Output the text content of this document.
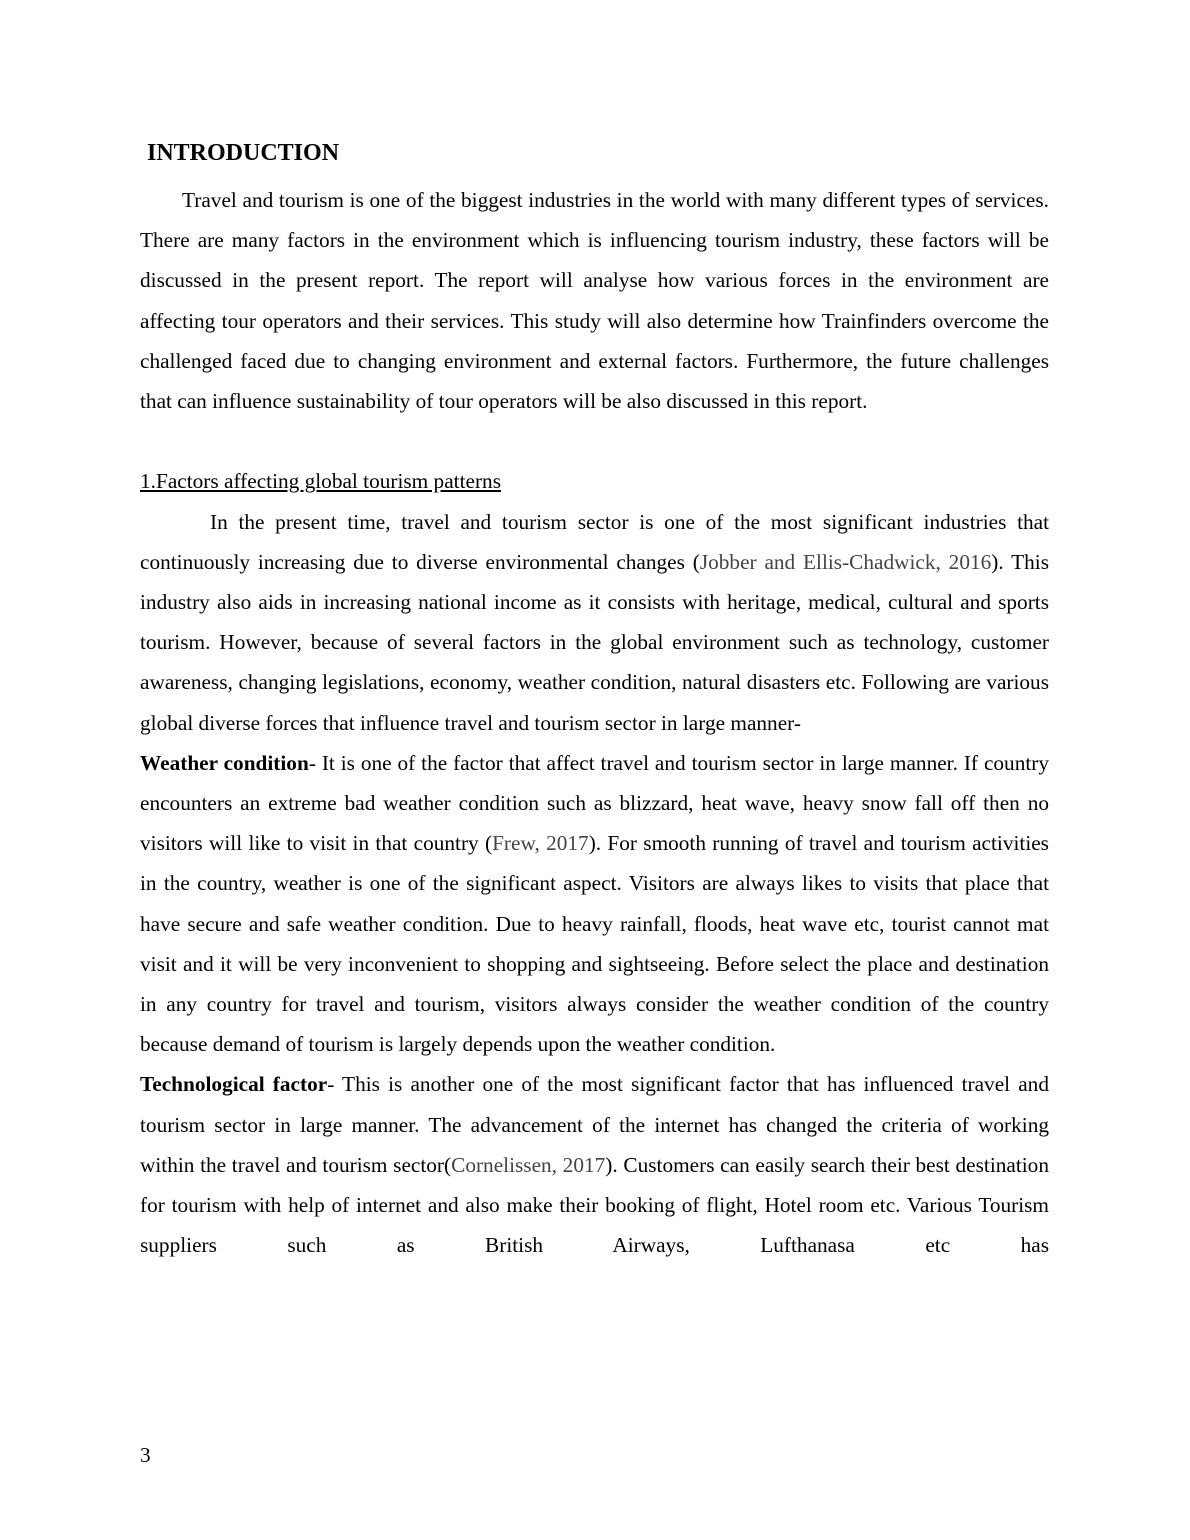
INTRODUCTION

Travel and tourism is one of the biggest industries in the world with many different types of services. There are many factors in the environment which is influencing tourism industry, these factors will be discussed in the present report. The report will analyse how various forces in the environment are affecting tour operators and their services. This study will also determine how Trainfinders overcome the challenged faced due to changing environment and external factors. Furthermore, the future challenges that can influence sustainability of tour operators will be also discussed in this report.

1.Factors affecting global tourism patterns

In the present time, travel and tourism sector is one of the most significant industries that continuously increasing due to diverse environmental changes (Jobber and Ellis-Chadwick, 2016). This industry also aids in increasing national income as it consists with heritage, medical, cultural and sports tourism. However, because of several factors in the global environment such as technology, customer awareness, changing legislations, economy, weather condition, natural disasters etc. Following are various global diverse forces that influence travel and tourism sector in large manner-

Weather condition- It is one of the factor that affect travel and tourism sector in large manner. If country encounters an extreme bad weather condition such as blizzard, heat wave, heavy snow fall off then no visitors will like to visit in that country (Frew, 2017). For smooth running of travel and tourism activities in the country, weather is one of the significant aspect. Visitors are always likes to visits that place that have secure and safe weather condition. Due to heavy rainfall, floods, heat wave etc, tourist cannot mat visit and it will be very inconvenient to shopping and sightseeing. Before select the place and destination in any country for travel and tourism, visitors always consider the weather condition of the country because demand of tourism is largely depends upon the weather condition.

Technological factor- This is another one of the most significant factor that has influenced travel and tourism sector in large manner. The advancement of the internet has changed the criteria of working within the travel and tourism sector(Cornelissen, 2017). Customers can easily search their best destination for tourism with help of internet and also make their booking of flight, Hotel room etc. Various Tourism suppliers such as British Airways, Lufthanasa etc has

3
